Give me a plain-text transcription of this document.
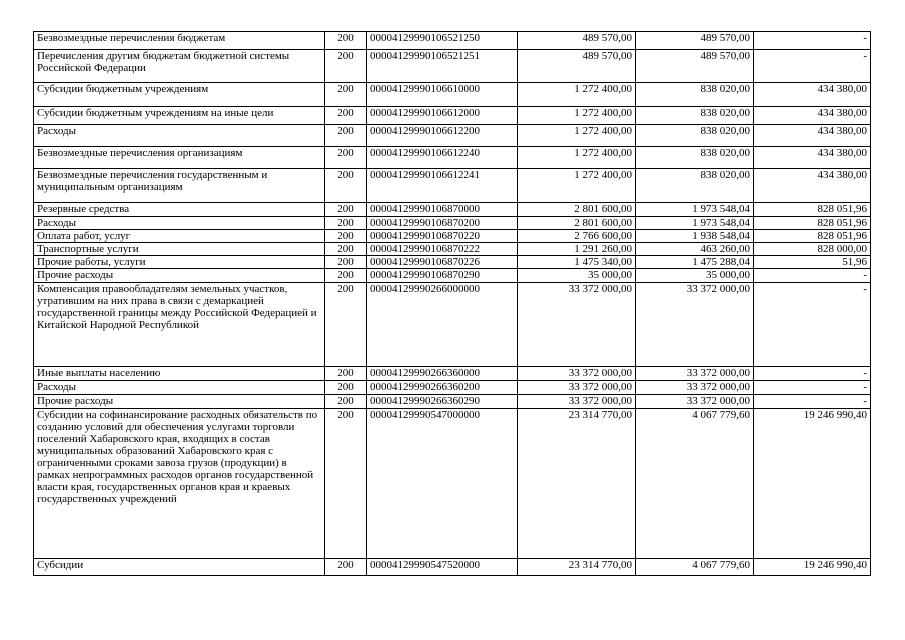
Безвозмездные перечисления бюджетам	200	00004129990106521250	489 570,00	489 570,00	-
Перечисления другим бюджетам бюджетной системы Российской Федерации	200	00004129990106521251	489 570,00	489 570,00	-
Субсидии бюджетным учреждениям	200	00004129990106610000	1 272 400,00	838 020,00	434 380,00
Субсидии бюджетным учреждениям на иные цели	200	00004129990106612000	1 272 400,00	838 020,00	434 380,00
Расходы	200	00004129990106612200	1 272 400,00	838 020,00	434 380,00
Безвозмездные перечисления организациям	200	00004129990106612240	1 272 400,00	838 020,00	434 380,00
Безвозмездные перечисления государственным и муниципальным организациям	200	00004129990106612241	1 272 400,00	838 020,00	434 380,00
Резервные средства	200	00004129990106870000	2 801 600,00	1 973 548,04	828 051,96
Расходы	200	00004129990106870200	2 801 600,00	1 973 548,04	828 051,96
Оплата работ, услуг	200	00004129990106870220	2 766 600,00	1 938 548,04	828 051,96
Транспортные услуги	200	00004129990106870222	1 291 260,00	463 260,00	828 000,00
Прочие работы, услуги	200	00004129990106870226	1 475 340,00	1 475 288,04	51,96
Прочие расходы	200	00004129990106870290	35 000,00	35 000,00	-
Компенсация правообладателям земельных участков, утратившим на них права в связи с демаркацией государственной границы между Российской Федерацией и Китайской Народной Республикой	200	00004129990266000000	33 372 000,00	33 372 000,00	-
Иные выплаты населению	200	00004129990266360000	33 372 000,00	33 372 000,00	-
Расходы	200	00004129990266360200	33 372 000,00	33 372 000,00	-
Прочие расходы	200	00004129990266360290	33 372 000,00	33 372 000,00	-
Субсидии на софинансирование расходных обязательств по созданию условий для обеспечения услугами торговли поселений Хабаровского края, входящих в состав муниципальных образований Хабаровского края с ограниченными сроками завоза грузов (продукции) в рамках непрограммных расходов органов государственной власти края, государственных органов края и краевых государственных учреждений	200	00004129990547000000	23 314 770,00	4 067 779,60	19 246 990,40
Субсидии	200	00004129990547520000	23 314 770,00	4 067 779,60	19 246 990,40
